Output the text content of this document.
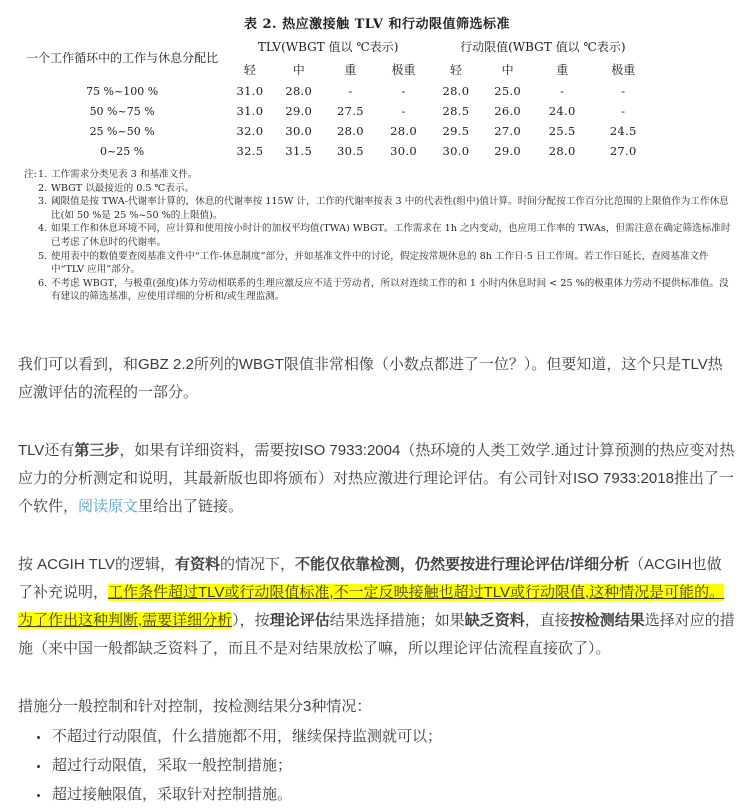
表 2. 热应激接触 TLV 和行动限值筛选标准
一个工作循环中的工作与休息分配比	TLV(WBGT 值以 ℃表示)				行动限值(WBGT 值以 ℃表示)				
	轻	中	重	极重	轻	中	重	极重	
75 %~100 %	31.0	28.0	-	-	28.0	25.0	-	-	
50 %~75 %	31.0	29.0	27.5	-	28.5	26.0	24.0	-	
25 %~50 %	32.0	30.0	28.0	28.0	29.5	27.0	25.5	24.5	
0~25 %	32.5	31.5	30.5	30.0	30.0	29.0	28.0	27.0	
注: 1. 工作需求分类见表 3 和基准文件。
2. WBGT 以最接近的 0.5 ℃表示。
3. 阈限值是按 TWA-代谢率计算的，休息的代谢率按 115W 计，工作的代谢率按表 3 中的代表性(组中)值计算。时间分配按工作百分比范围的上限值作为工作休息比(如 50 %是 25 %~50 %的上限值)。
4. 如果工作和休息环境不同，应计算和使用按小时计的加权平均值(TWA) WBGT。工作需求在 1h 之内变动，也应用工作率的 TWAs，但需注意在确定筛选标准时已考虑了休息时的代谢率。
5. 使用表中的数值要查阅基准文件中“工作-休息制度”部分，并如基准文件中的讨论，假定按常规休息的 8h 工作日·5 日工作周。若工作日延长，查阅基准文件中“TLV 应用”部分。
6. 不考虑 WBGT，与极重(强度)体力劳动相联系的生理应激反应不适于劳动者，所以对连续工作的和 1 小时内休息时间 < 25 %的极重体力劳动不提供标准值。没有建议的筛选基准，应使用详细的分析和/或生理监测。

我们可以看到，和GBZ 2.2所列的WBGT限值非常相像（小数点都进了一位？）。但要知道，这个只是TLV热应激评估的流程的一部分。

TLV还有第三步，如果有详细资料，需要按ISO 7933:2004（热环境的人类工效学.通过计算预测的热应变对热应力的分析测定和说明，其最新版也即将颁布）对热应激进行理论评估。有公司针对ISO 7933:2018推出了一个软件，阅读原文里给出了链接。

按 ACGIH TLV的逻辑，有资料的情况下，不能仅依靠检测，仍然要按进行理论评估/详细分析（ACGIH也做了补充说明，工作条件超过TLV或行动限值标准,不一定反映接触也超过TLV或行动限值,这种情况是可能的。为了作出这种判断,需要详细分析），按理论评估结果选择措施；如果缺乏资料，直接按检测结果选择对应的措施（来中国一般都缺乏资料了，而且不是对结果放松了嘛，所以理论评估流程直接砍了）。

措施分一般控制和针对控制，按检测结果分3种情况：

• 不超过行动限值，什么措施都不用，继续保持监测就可以；
• 超过行动限值，采取一般控制措施；
• 超过接触限值，采取针对控制措施。
